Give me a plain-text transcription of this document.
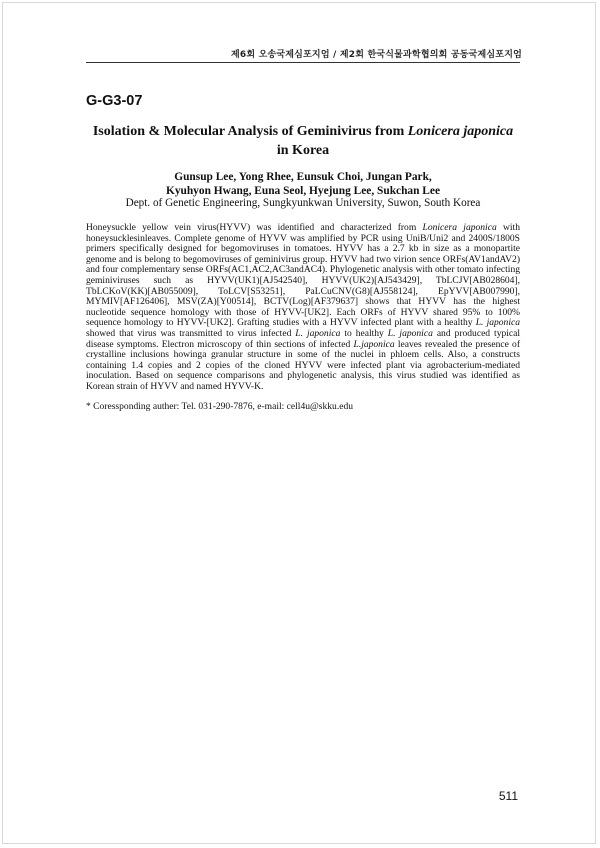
제6회 오송국제심포지엄 / 제2회 한국식물과학협의회 공동국제심포지엄
G-G3-07
Isolation & Molecular Analysis of Geminivirus from Lonicera japonica in Korea
Gunsup Lee, Yong Rhee, Eunsuk Choi, Jungan Park,
Kyuhyon Hwang, Euna Seol, Hyejung Lee, Sukchan Lee
Dept. of Genetic Engineering, Sungkyunkwan University, Suwon, South Korea

Honeysuckle yellow vein virus(HYVV) was identified and characterized from Lonicera japonica with honeysucklesinleaves. Complete genome of HYVV was amplified by PCR using UniB/Uni2 and 2400S/1800S primers specifically designed for begomoviruses in tomatoes. HYVV has a 2.7 kb in size as a monopartite genome and is belong to begomoviruses of geminivirus group. HYVV had two virion sence ORFs(AV1andAV2) and four complementary sense ORFs(AC1,AC2,AC3andAC4). Phylogenetic analysis with other tomato infecting geminiviruses such as HYVV(UK1)[AJ542540], HYVV(UK2)[AJ543429], TbLCJV[AB028604], TbLCKoV(KK)[AB055009], ToLCV[S53251], PaLCuCNV(G8)[AJ558124], EpYVV[AB007990], MYMIV[AF126406], MSV(ZA)[Y00514], BCTV(Log)[AF379637] shows that HYVV has the highest nucleotide sequence homology with those of HYVV-[UK2]. Each ORFs of HYVV shared 95% to 100% sequence homology to HYVV-[UK2]. Grafting studies with a HYVV infected plant with a healthy L. japonica showed that virus was transmitted to virus infected L. japonica to healthy L. japonica and produced typical disease symptoms. Electron microscopy of thin sections of infected L.japonica leaves revealed the presence of crystalline inclusions howinga granular structure in some of the nuclei in phloem cells. Also, a constructs containing 1.4 copies and 2 copies of the cloned HYVV were infected plant via agrobacterium-mediated inoculation. Based on sequence comparisons and phylogenetic analysis, this virus studied was identified as Korean strain of HYVV and named HYVV-K.

* Coressponding auther: Tel. 031-290-7876, e-mail: cell4u@skku.edu
511
